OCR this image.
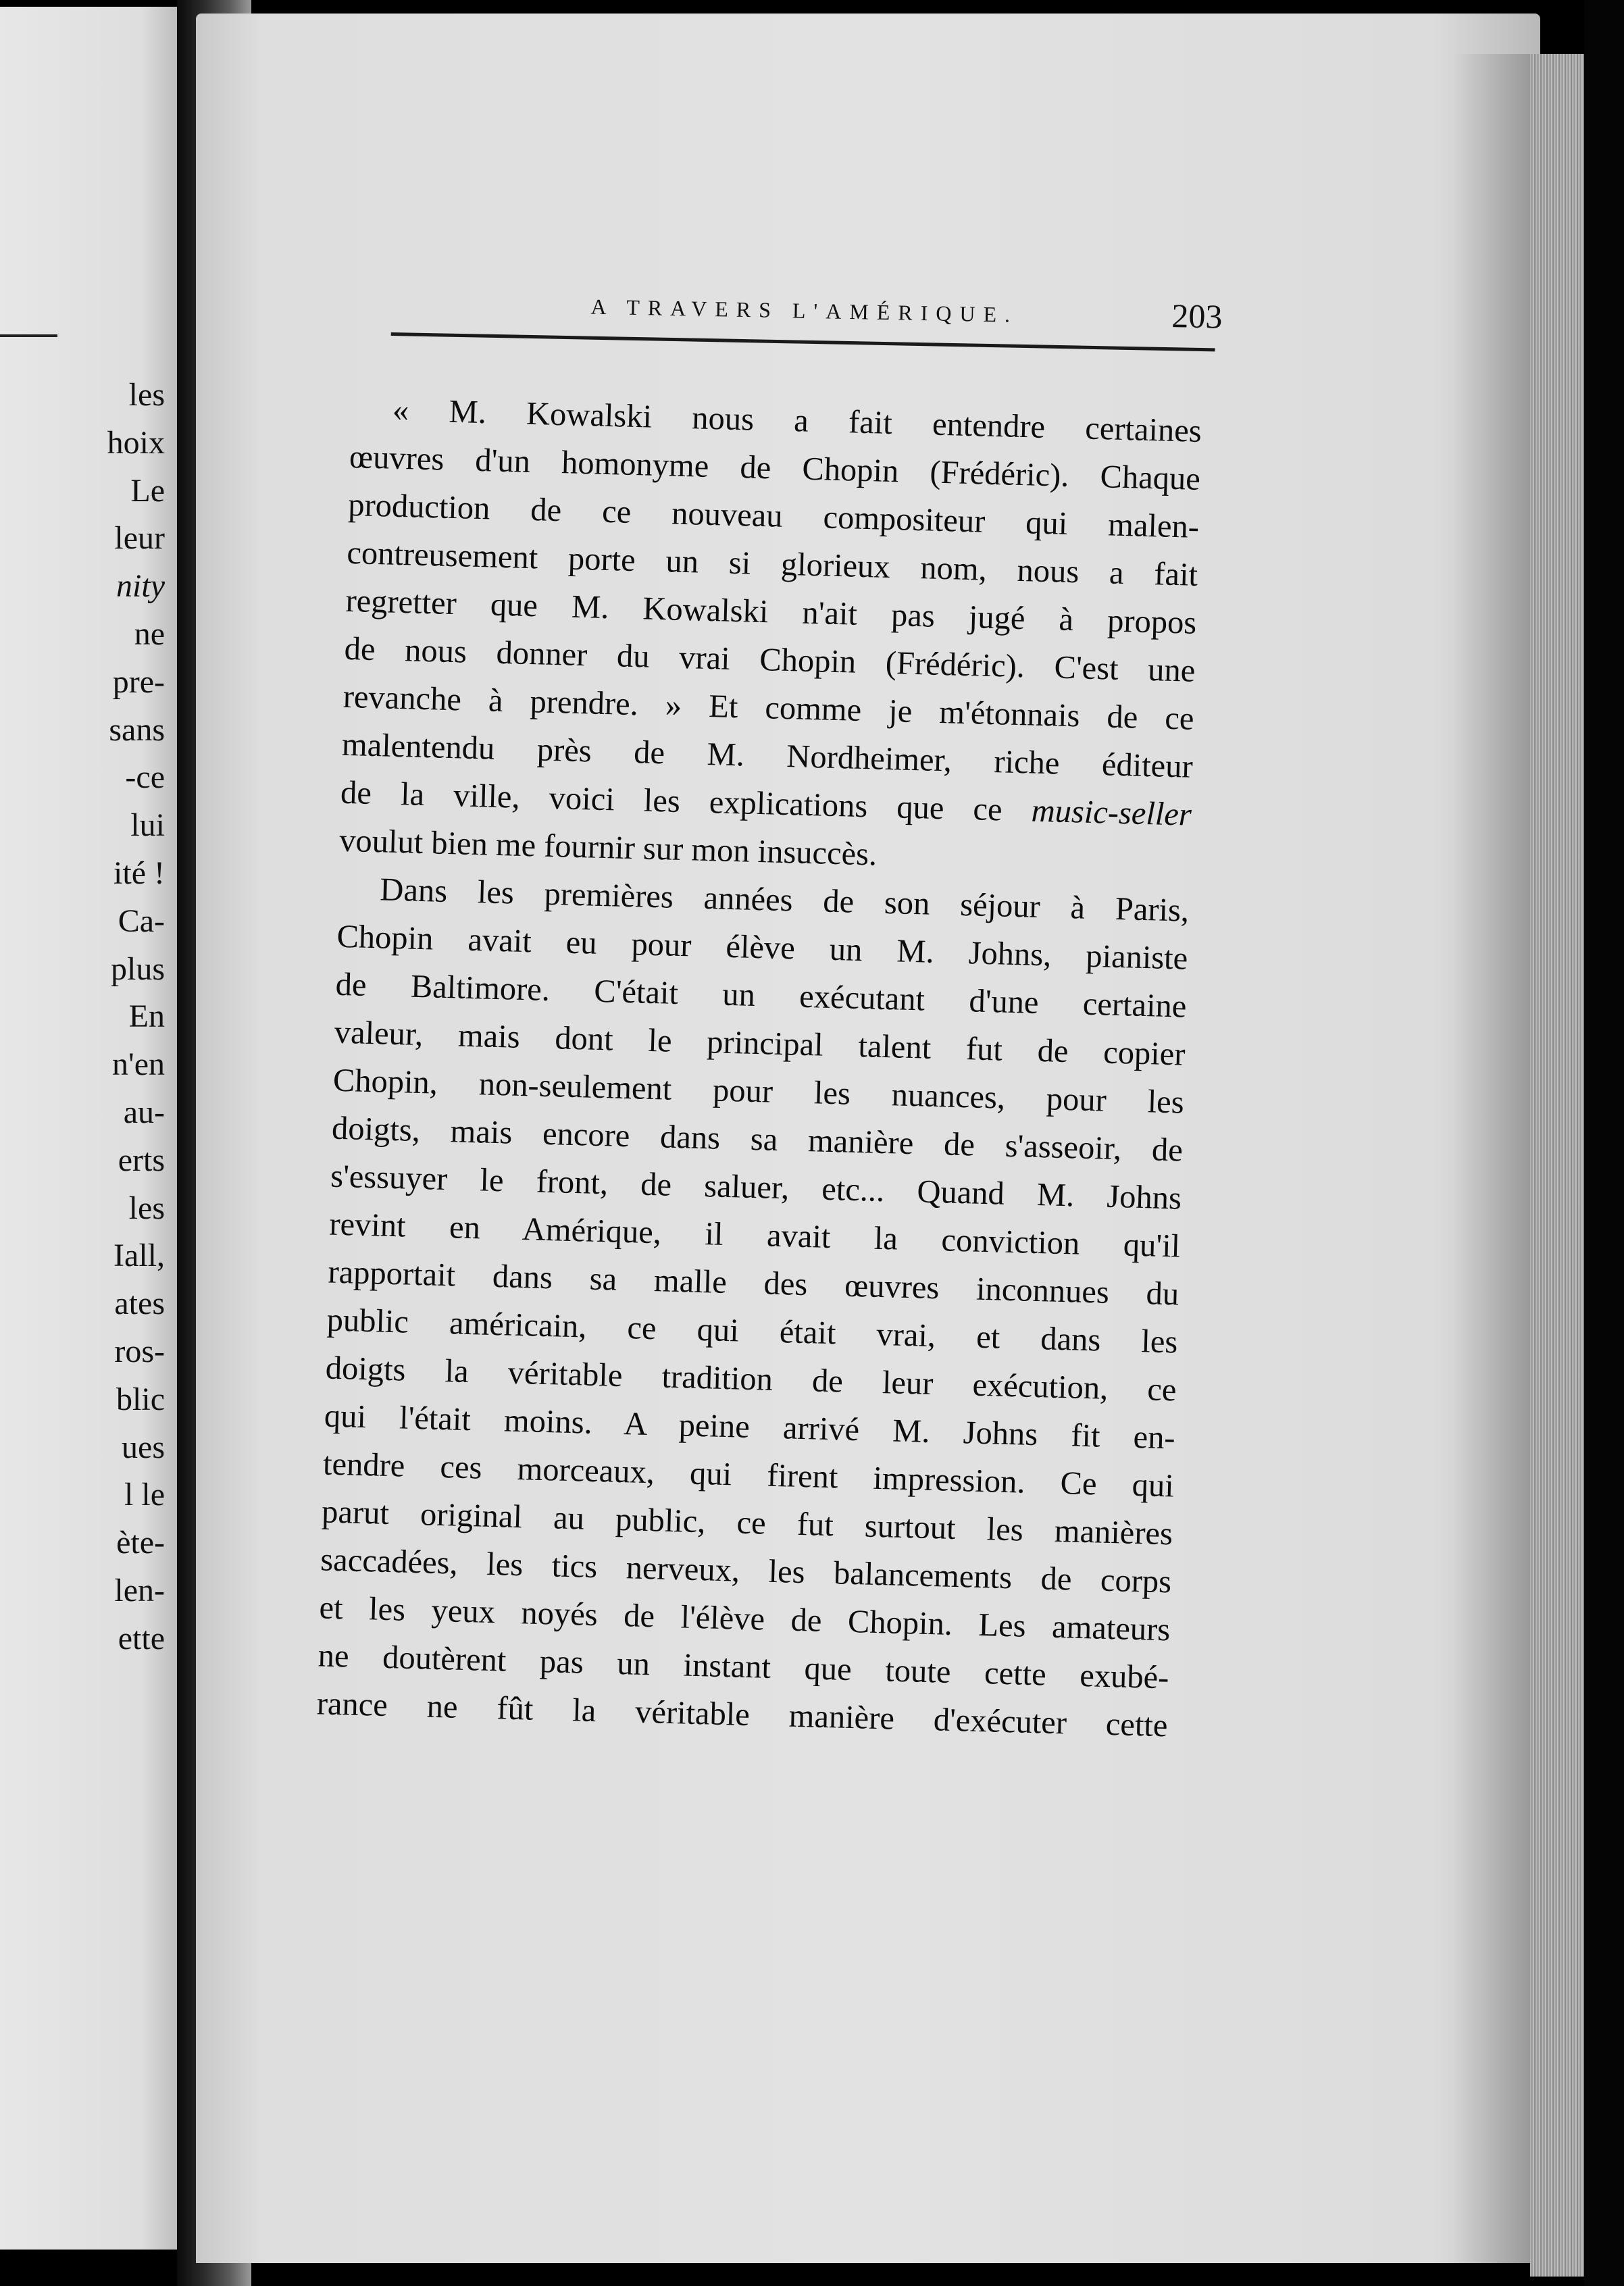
les
hoix
Le
leur
nity
ne
pre-
sans
-ce
lui
ité !
Ca-
plus
En
n'en
au-
erts
les
Iall,
ates
ros-
blic
ues
l le
ète-
len-
ette
A TRAVERS L'AMÉRIQUE.	203
« M. Kowalski nous a fait entendre certaines
œuvres d'un homonyme de Chopin (Frédéric). Chaque
production de ce nouveau compositeur qui malen-
contreusement porte un si glorieux nom, nous a fait
regretter que M. Kowalski n'ait pas jugé à propos
de nous donner du vrai Chopin (Frédéric). C'est une
revanche à prendre. » Et comme je m'étonnais de ce
malentendu près de M. Nordheimer, riche éditeur
de la ville, voici les explications que ce music-seller
voulut bien me fournir sur mon insuccès.
Dans les premières années de son séjour à Paris,
Chopin avait eu pour élève un M. Johns, pianiste
de Baltimore. C'était un exécutant d'une certaine
valeur, mais dont le principal talent fut de copier
Chopin, non-seulement pour les nuances, pour les
doigts, mais encore dans sa manière de s'asseoir, de
s'essuyer le front, de saluer, etc... Quand M. Johns
revint en Amérique, il avait la conviction qu'il
rapportait dans sa malle des œuvres inconnues du
public américain, ce qui était vrai, et dans les
doigts la véritable tradition de leur exécution, ce
qui l'était moins. A peine arrivé M. Johns fit en-
tendre ces morceaux, qui firent impression. Ce qui
parut original au public, ce fut surtout les manières
saccadées, les tics nerveux, les balancements de corps
et les yeux noyés de l'élève de Chopin. Les amateurs
ne doutèrent pas un instant que toute cette exubé-
rance ne fût la véritable manière d'exécuter cette
